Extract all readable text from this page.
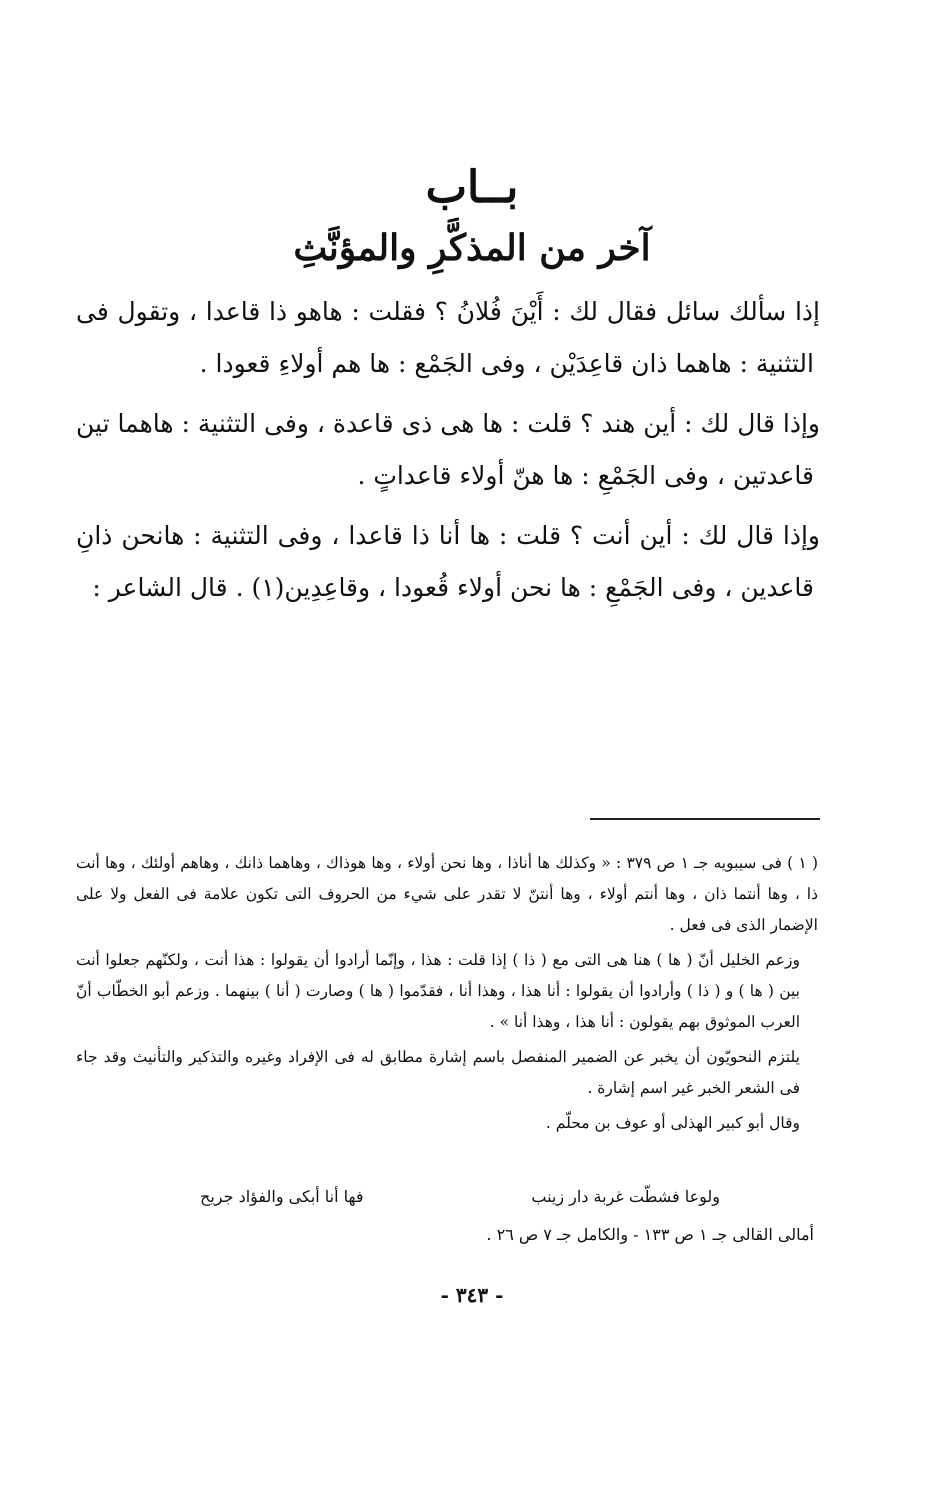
بــاب
آخر من المذكَّرِ والمؤنَّثِ

إذا سألك سائل فقال لك : أَيْنَ فُلانُ ؟ فقلت : هاهو ذا قاعدا ، وتقول فى التثنية : هاهما ذان قاعِدَيْن ، وفى الجَمْع : ها هم أولاءِ قعودا .

وإذا قال لك : أين هند ؟ قلت : ها هى ذى قاعدة ، وفى التثنية : هاهما تين قاعدتين ، وفى الجَمْعِ : ها هنّ أولاء قاعداتٍ .

وإذا قال لك : أين أنت ؟ قلت : ها أنا ذا قاعدا ، وفى التثنية : هانحن ذانِ قاعدين ، وفى الجَمْعِ : ها نحن أولاء قُعودا ، وقاعِدِين(١) . قال الشاعر :

( ١ ) فى سيبويه جـ ١ ص ٣٧٩ : « وكذلك ها أناذا ، وها نحن أولاء ، وها هوذاك ، وهاهما ذانك ، وهاهم أولئك ، وها أنت ذا ، وها أنتما ذان ، وها أنتم أولاء ، وها أنتنّ لا تقدر على شيء من الحروف التى تكون علامة فى الفعل ولا على الإضمار الذى فى فعل .

وزعم الخليل أنّ ( ها ) هنا هى التى مع ( ذا ) إذا قلت : هذا ، وإنّما أرادوا أن يقولوا : هذا أنت ، ولكنّهم جعلوا أنت بين ( ها ) و ( ذا ) وأرادوا أن يقولوا : أنا هذا ، وهذا أنا ، فقدّموا ( ها ) وصارت ( أنا ) بينهما . وزعم أبو الخطّاب أنّ العرب الموثوق بهم يقولون : أنا هذا ، وهذا أنا » .

يلتزم النحويّون أن يخبر عن الضمير المنفصل باسم إشارة مطابق له فى الإفراد وغيره والتذكير والتأنيث وقد جاء فى الشعر الخبر غير اسم إشارة .

وقال أبو كبير الهذلى أو عوف بن محلّم .

ولوعا فشطّت غربة دار زينب
فها أنا أبكى والفؤاد جريح
أمالى القالى جـ ١ ص ١٣٣ - والكامل جـ ٧ ص ٢٦ .
- ٣٤٣ -
